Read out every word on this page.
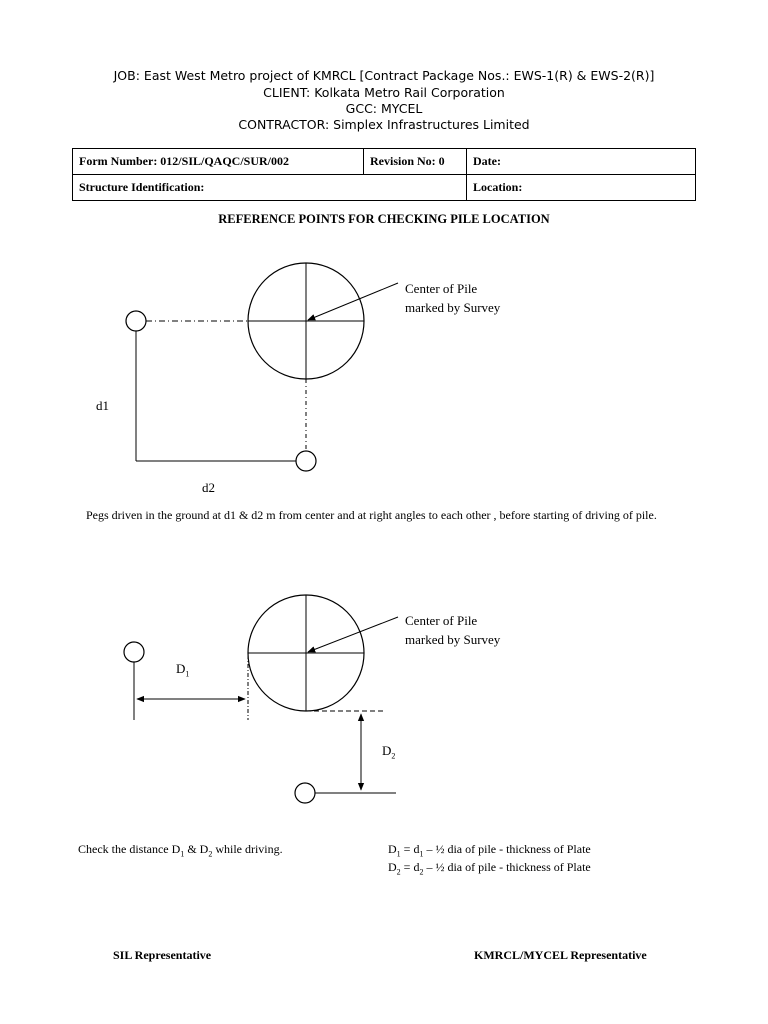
JOB: East West Metro project of KMRCL [Contract Package Nos.: EWS-1(R) & EWS-2(R)]
CLIENT: Kolkata Metro Rail Corporation
GCC: MYCEL
CONTRACTOR: Simplex Infrastructures Limited
Form Number: 012/SIL/QAQC/SUR/002	Revision No: 0	Date:
Structure Identification:		Location:
REFERENCE POINTS FOR CHECKING PILE LOCATION
Center of Pile
marked by Survey
d1
d2
Pegs driven in the ground at d1 & d2 m from center and at right angles to each other , before starting of driving of pile.
Center of Pile
marked by Survey
$D_1$
$D_2$
Check the distance $D_1$ & $D_2$ while driving.	$D_1 = d_1$ – ½ dia of pile - thickness of Plate
$D_2 = d_2$ – ½ dia of pile - thickness of Plate
SIL Representative	KMRCL/MYCEL Representative
